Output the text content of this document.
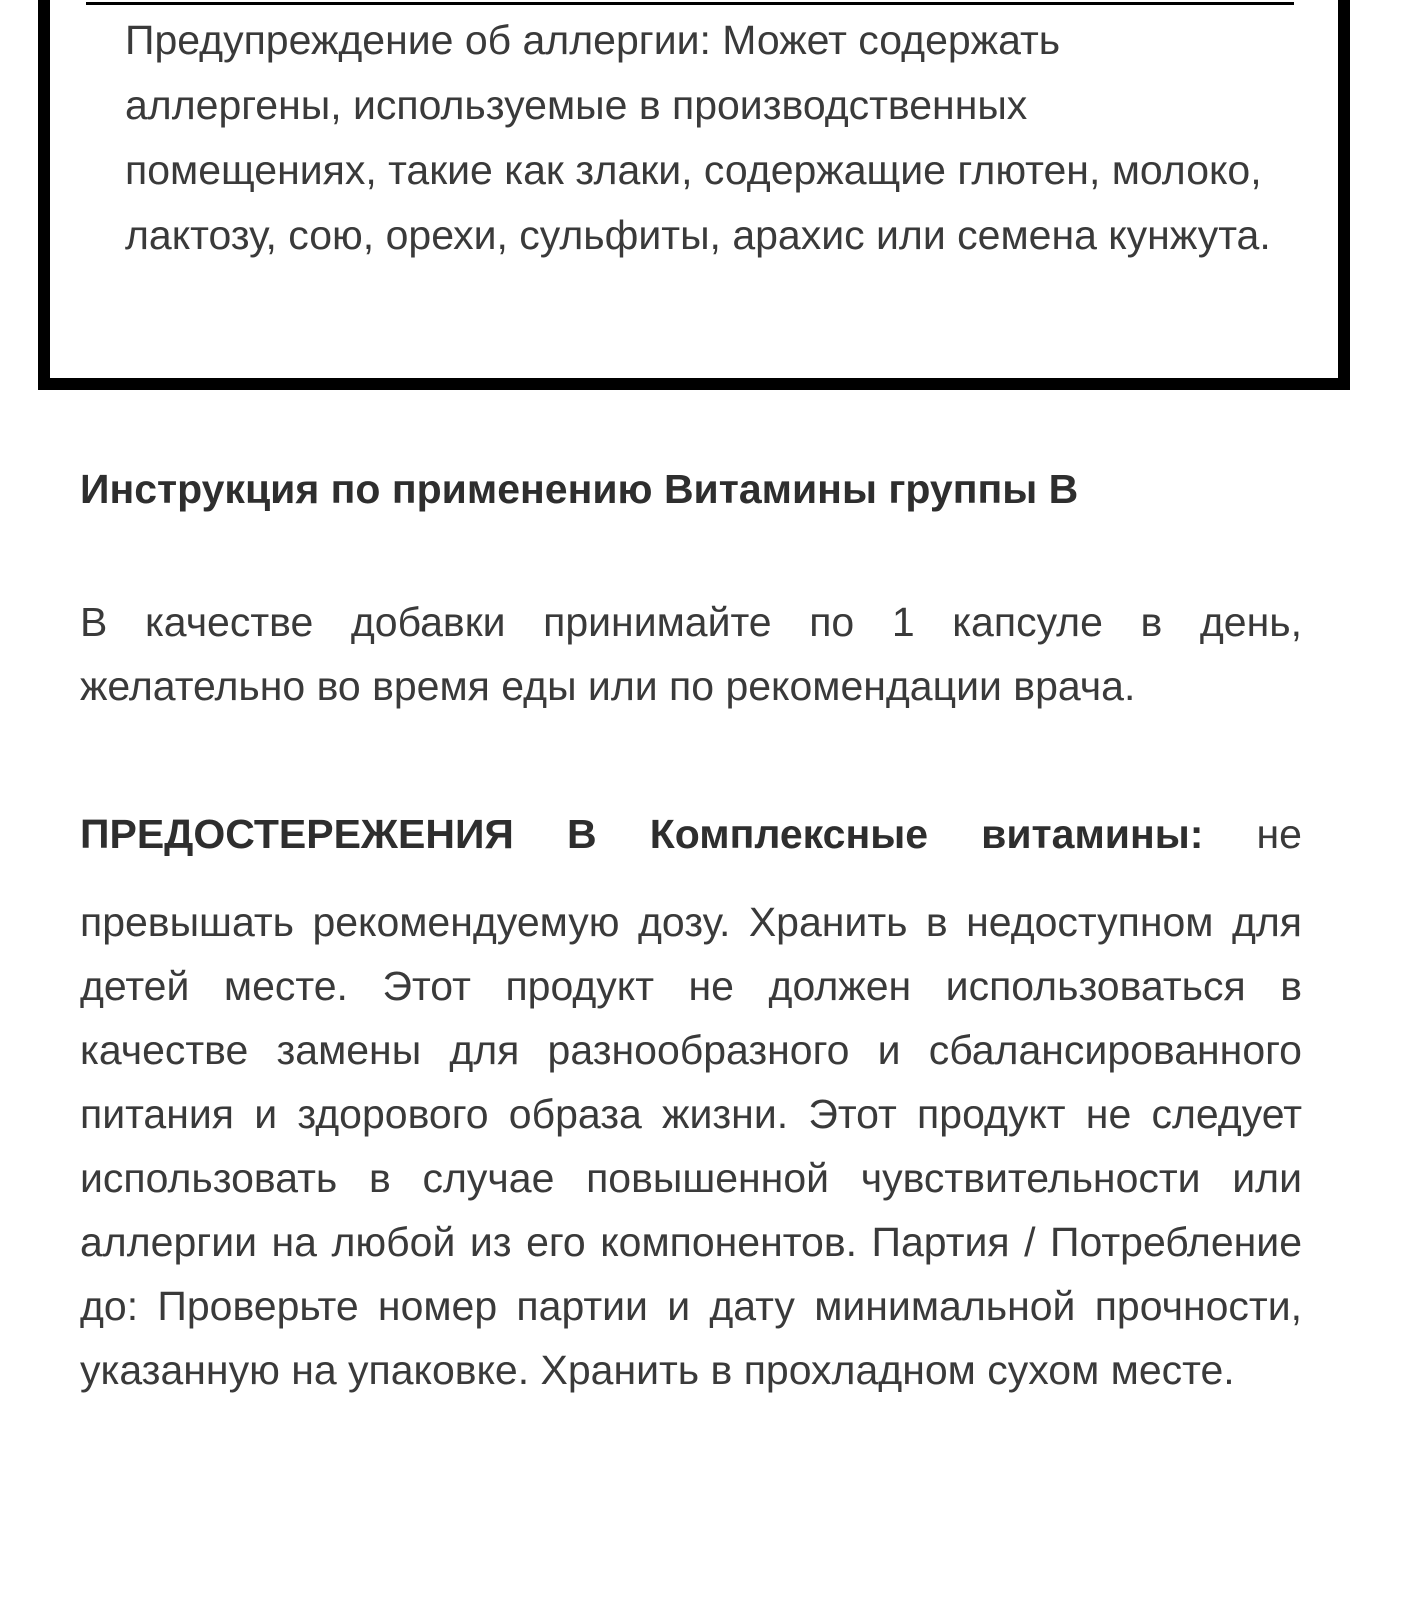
Предупреждение об аллергии: Может содержать аллергены, используемые в производственных помещениях, такие как злаки, содержащие глютен, молоко, лактозу, сою, орехи, сульфиты, арахис или семена кунжута.

Инструкция по применению Витамины группы B

В качестве добавки принимайте по 1 капсуле в день, желательно во время еды или по рекомендации врача.

ПРЕДОСТЕРЕЖЕНИЯ В Комплексные витамины: не
превышать рекомендуемую дозу. Хранить в недоступном для детей месте. Этот продукт не должен использоваться в качестве замены для разнообразного и сбалансированного питания и здорового образа жизни. Этот продукт не следует использовать в случае повышенной чувствительности или аллергии на любой из его компонентов. Партия / Потребление до: Проверьте номер партии и дату минимальной прочности, указанную на упаковке. Хранить в прохладном сухом месте.
